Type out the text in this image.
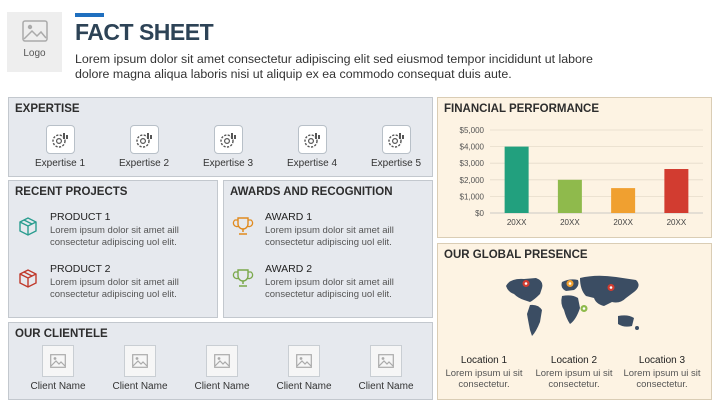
Logo
FACT SHEET
Lorem ipsum dolor sit amet consectetur adipiscing elit sed eiusmod tempor incididunt ut labore dolore magna aliqua laboris nisi ut aliquip ex ea commodo consequat duis aute.
EXPERTISE
Expertise 1	Expertise 2	Expertise 3	Expertise 4	Expertise 5
RECENT PROJECTS
PRODUCT 1
Lorem ipsum dolor sit amet aill consectetur adipiscing uol elit.
PRODUCT 2
Lorem ipsum dolor sit amet aill consectetur adipiscing uol elit.
AWARDS AND RECOGNITION
AWARD 1
Lorem ipsum dolor sit amet aill consectetur adipiscing uol elit.
AWARD 2
Lorem ipsum dolor sit amet aill consectetur adipiscing uol elit.
OUR CLIENTELE
Client Name	Client Name	Client Name	Client Name	Client Name
FINANCIAL PERFORMANCE
$0
$1,000
$2,000
$3,000
$4,000
$5,000
20XX	20XX	20XX	20XX
OUR GLOBAL PRESENCE
Location 1
Lorem ipsum ui sit consectetur.
Location 2
Lorem ipsum ui sit consectetur.
Location 3
Lorem ipsum ui sit consectetur.
